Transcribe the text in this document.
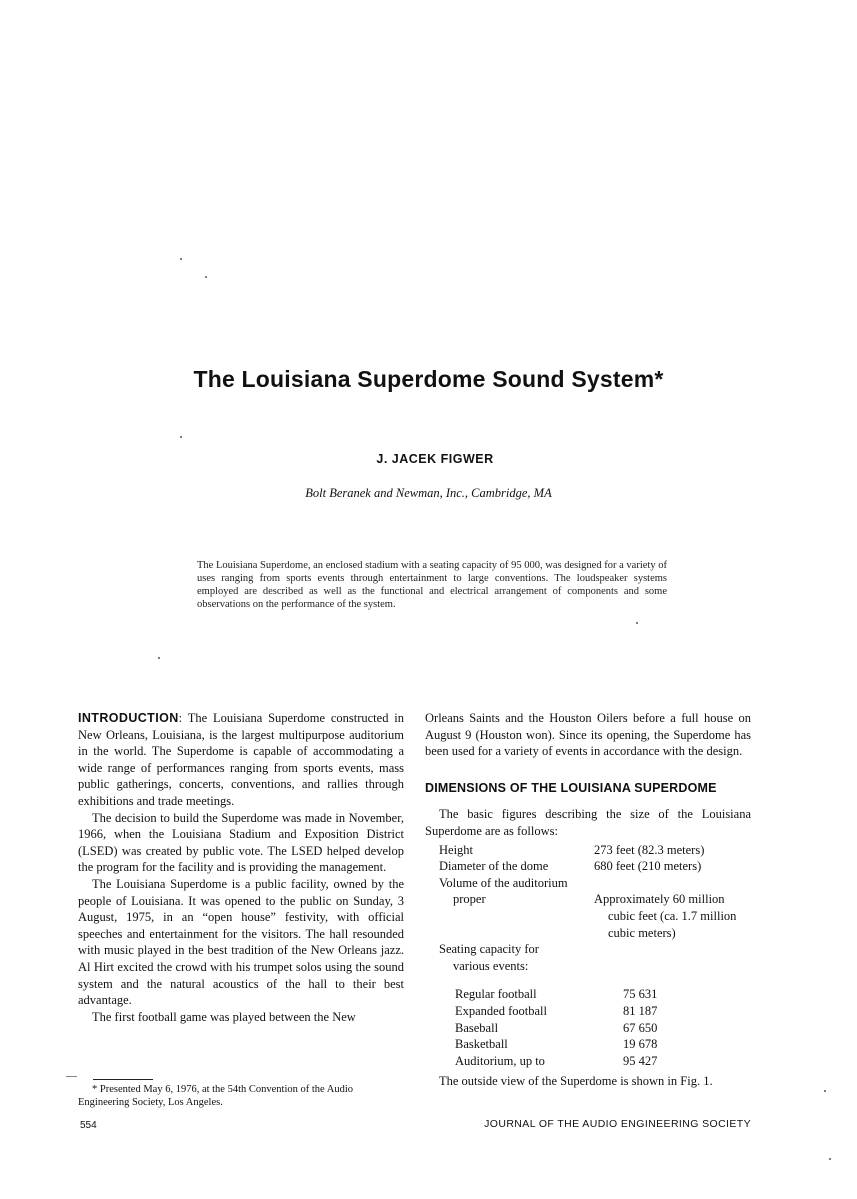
The Louisiana Superdome Sound System*
J. JACEK FIGWER
Bolt Beranek and Newman, Inc., Cambridge, MA
The Louisiana Superdome, an enclosed stadium with a seating capacity of 95 000, was designed for a variety of uses ranging from sports events through entertainment to large conventions. The loudspeaker systems employed are described as well as the functional and electrical arrangement of components and some observations on the performance of the system.

INTRODUCTION: The Louisiana Superdome constructed in New Orleans, Louisiana, is the largest multipurpose auditorium in the world. The Superdome is capable of accommodating a wide range of performances ranging from sports events, mass public gatherings, concerts, conventions, and rallies through exhibitions and trade meetings.

The decision to build the Superdome was made in November, 1966, when the Louisiana Stadium and Exposition District (LSED) was created by public vote. The LSED helped develop the program for the facility and is providing the management.

The Louisiana Superdome is a public facility, owned by the people of Louisiana. It was opened to the public on Sunday, 3 August, 1975, in an “open house” festivity, with official speeches and entertainment for the visitors. The hall resounded with music played in the best tradition of the New Orleans jazz. Al Hirt excited the crowd with his trumpet solos using the sound system and the natural acoustics of the hall to their best advantage.

The first football game was played between the New

Orleans Saints and the Houston Oilers before a full house on August 9 (Houston won). Since its opening, the Superdome has been used for a variety of events in accordance with the design.

DIMENSIONS OF THE LOUISIANA SUPERDOME

The basic figures describing the size of the Louisiana Superdome are as follows:

Height	273 feet (82.3 meters)
Diameter of the dome	680 feet (210 meters)
Volume of the auditorium
proper	Approximately 60 million
cubic feet (ca. 1.7 million
cubic meters)
Seating capacity for
various events:
Regular football	75 631
Expanded football	81 187
Baseball	67 650
Basketball	19 678
Auditorium, up to	95 427

The outside view of the Superdome is shown in Fig. 1.

—
* Presented May 6, 1976, at the 54th Convention of the Audio
Engineering Society, Los Angeles.
554	JOURNAL OF THE AUDIO ENGINEERING SOCIETY
